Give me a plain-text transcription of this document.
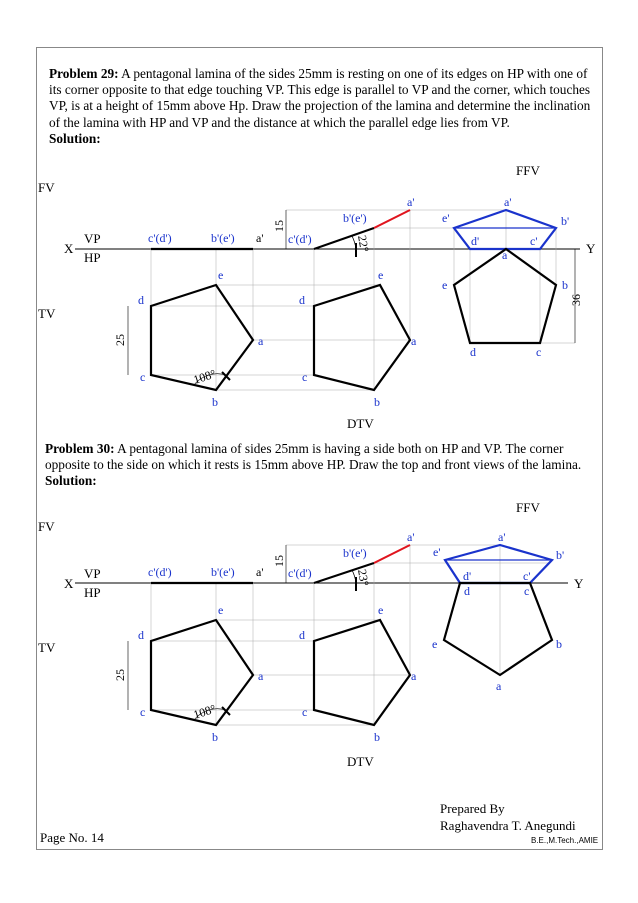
Problem 29: A pentagonal lamina of the sides 25mm is resting on one of its edges on HP with one of its corner opposite to that edge touching VP. This edge is parallel to VP and the corner, which touches VP, is at a height of 15mm above Hp. Draw the projection of the lamina and determine the inclination of the lamina with HP and VP and the distance at which the parallel edge lies from VP.
Solution:
Problem 30: A pentagonal lamina of sides 25mm is having a side both on HP and VP. The corner opposite to the side on which it rests is 15mm above HP. Draw the top and front views of the lamina.
Solution:
FV
TV
FFV
DTV
X	Y
VP
HP
c'(d')	b'(e') a'
15
c'(d')
b'(e')
a'
22°
e
d
a
c
b
25
108°
e
d
a
c
b
e'
a'
b'
d'	c'
a
e	b
d	c
36
FV
TV
FFV
DTV
X	Y
VP
HP
c'(d')	b'(e') a'
15
c'(d')
b'(e')
a'
23°
e
d
a
c
b
25
108°
e
d
a
c
b
e'
a'
b'
d'	c'
d	c
e	b
a
Prepared By
Raghavendra T. Anegundi
Page No. 14	B.E.,M.Tech.,AMIE
